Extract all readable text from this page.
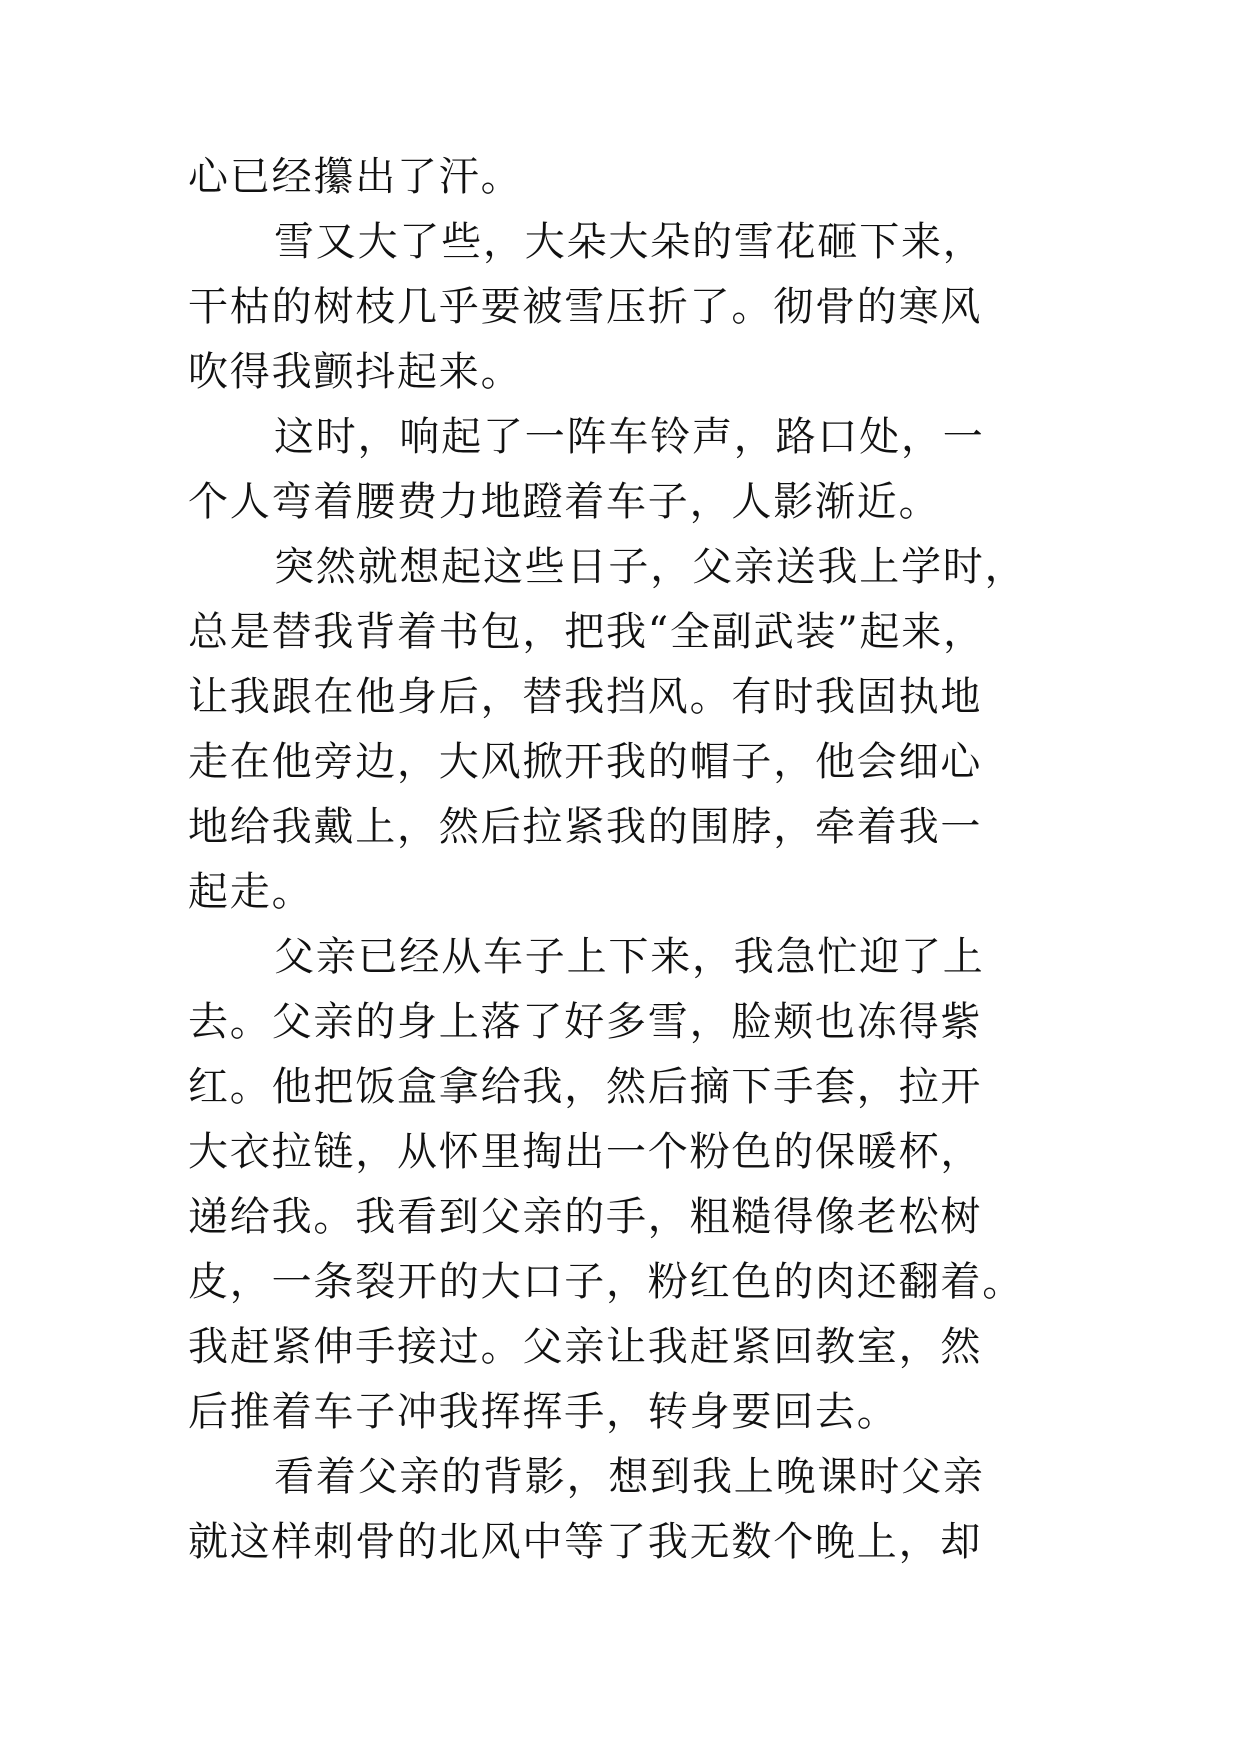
心已经攥出了汗。
雪又大了些，大朵大朵的雪花砸下来，
干枯的树枝几乎要被雪压折了。彻骨的寒风
吹得我颤抖起来。
这时，响起了一阵车铃声，路口处，一
个人弯着腰费力地蹬着车子，人影渐近。
突然就想起这些日子，父亲送我上学时，
总是替我背着书包，把我“全副武装”起来，
让我跟在他身后，替我挡风。有时我固执地
走在他旁边，大风掀开我的帽子，他会细心
地给我戴上，然后拉紧我的围脖，牵着我一
起走。
父亲已经从车子上下来，我急忙迎了上
去。父亲的身上落了好多雪，脸颊也冻得紫
红。他把饭盒拿给我，然后摘下手套，拉开
大衣拉链，从怀里掏出一个粉色的保暖杯，
递给我。我看到父亲的手，粗糙得像老松树
皮，一条裂开的大口子，粉红色的肉还翻着。
我赶紧伸手接过。父亲让我赶紧回教室，然
后推着车子冲我挥挥手，转身要回去。
看着父亲的背影，想到我上晚课时父亲
就这样刺骨的北风中等了我无数个晚上，却
